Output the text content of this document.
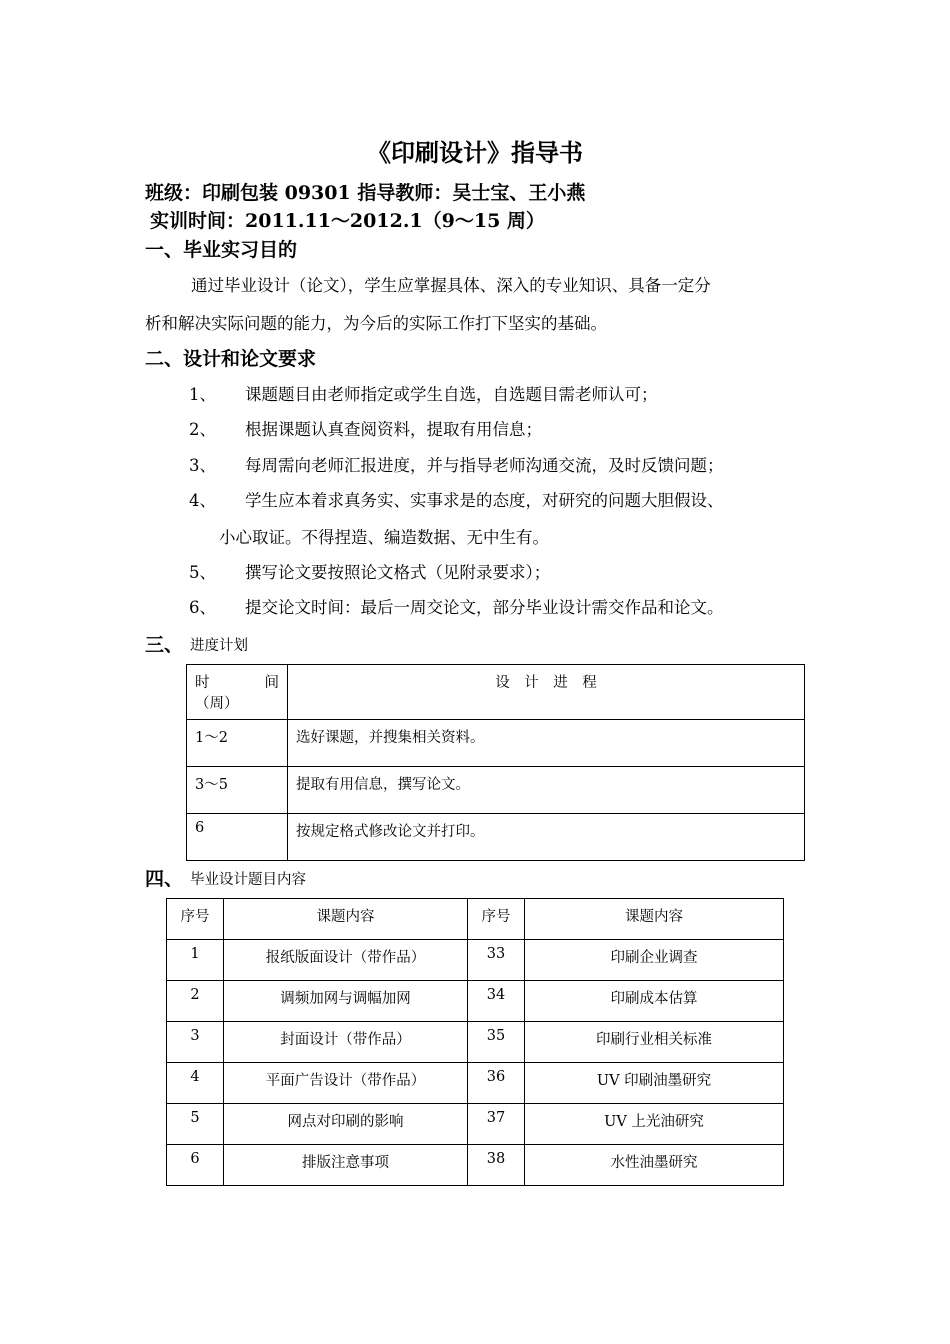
《印刷设计》指导书
班级：印刷包装 09301 指导教师：吴士宝、王小燕
实训时间：2011.11～2012.1（9～15 周）
一、毕业实习目的
通过毕业设计（论文），学生应掌握具体、深入的专业知识、具备一定分
析和解决实际问题的能力，为今后的实际工作打下坚实的基础。
二、设计和论文要求
1、	课题题目由老师指定或学生自选，自选题目需老师认可；
2、	根据课题认真查阅资料，提取有用信息；
3、	每周需向老师汇报进度，并与指导老师沟通交流，及时反馈问题；
4、	学生应本着求真务实、实事求是的态度，对研究的问题大胆假设、
小心取证。不得捏造、编造数据、无中生有。
5、	撰写论文要按照论文格式（见附录要求）；
6、	提交论文时间：最后一周交论文，部分毕业设计需交作品和论文。
三、 进度计划
时 间
（周）	设　计　进　程
1～2	选好课题，并搜集相关资料。
3～5	提取有用信息，撰写论文。
6	按规定格式修改论文并打印。
四、 毕业设计题目内容
序号	课题内容	序号	课题内容
1	报纸版面设计（带作品）	33	印刷企业调查
2	调频加网与调幅加网	34	印刷成本估算
3	封面设计（带作品）	35	印刷行业相关标准
4	平面广告设计（带作品）	36	UV 印刷油墨研究
5	网点对印刷的影响	37	UV 上光油研究
6	排版注意事项	38	水性油墨研究
